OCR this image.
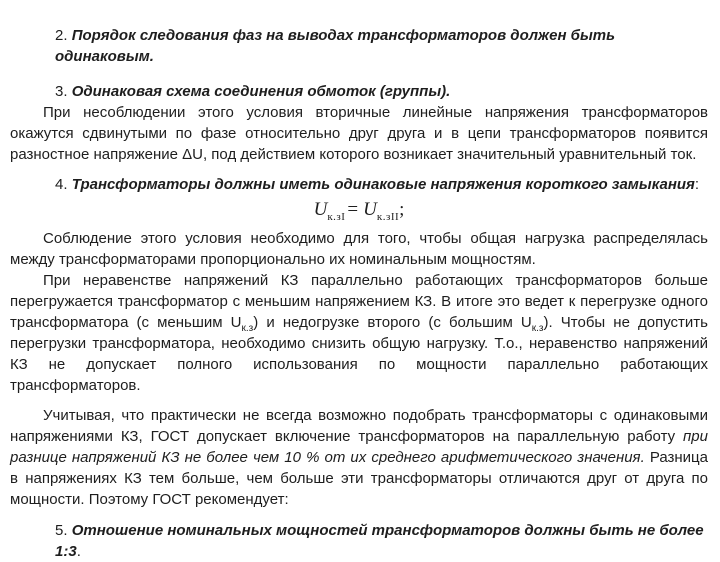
2. Порядок следования фаз на выводах трансформаторов должен быть одинаковым.

3. Одинаковая схема соединения обмоток (группы).

При несоблюдении этого условия вторичные линейные напряжения трансформаторов окажутся сдвинутыми по фазе относительно друг друга и в цепи трансформаторов появится разностное напряжение ΔU, под действием которого возникает значительный уравнительный ток.

4. Трансформаторы должны иметь одинаковые напряжения короткого замыкания:

$U_{к.зI} = U_{к.зII}$;

Соблюдение этого условия необходимо для того, чтобы общая нагрузка распределялась между трансформаторами пропорционально их номинальным мощностям.

При неравенстве напряжений КЗ параллельно работающих трансформаторов больше перегружается трансформатор с меньшим напряжением КЗ. В итоге это ведет к перегрузке одного трансформатора (с меньшим $U_{к.з}$) и недогрузке второго (с большим $U_{к.з}$). Чтобы не допустить перегрузки трансформатора, необходимо снизить общую нагрузку. Т.о., неравенство напряжений КЗ не допускает полного использования по мощности параллельно работающих трансформаторов.

Учитывая, что практически не всегда возможно подобрать трансформаторы с одинаковыми напряжениями КЗ, ГОСТ допускает включение трансформаторов на параллельную работу при разнице напряжений КЗ не более чем 10 % от их среднего арифметического значения. Разница в напряжениях КЗ тем больше, чем больше эти трансформаторы отличаются друг от друга по мощности. Поэтому ГОСТ рекомендует:

5. Отношение номинальных мощностей трансформаторов должны быть не более 1:3.
